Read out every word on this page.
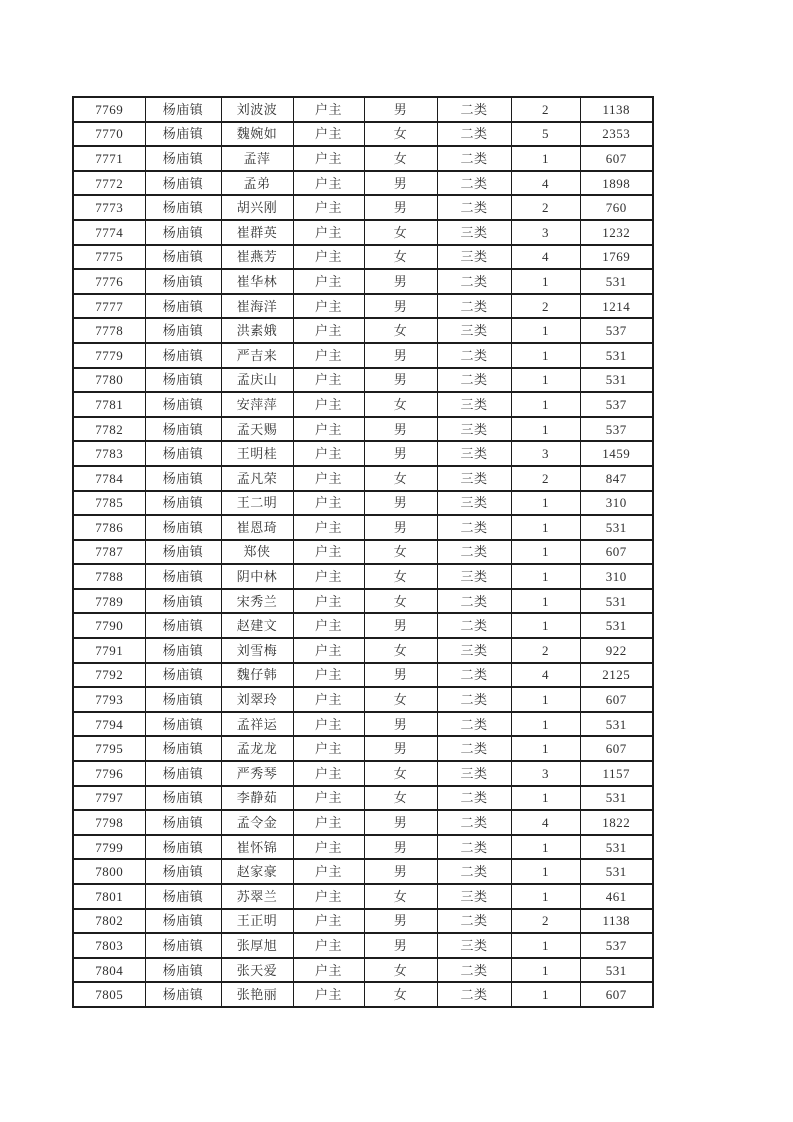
7769	杨庙镇	刘波波	户主	男	二类	2	1138
7770	杨庙镇	魏婉如	户主	女	二类	5	2353
7771	杨庙镇	孟萍	户主	女	二类	1	607
7772	杨庙镇	孟弟	户主	男	二类	4	1898
7773	杨庙镇	胡兴刚	户主	男	二类	2	760
7774	杨庙镇	崔群英	户主	女	三类	3	1232
7775	杨庙镇	崔燕芳	户主	女	三类	4	1769
7776	杨庙镇	崔华林	户主	男	二类	1	531
7777	杨庙镇	崔海洋	户主	男	二类	2	1214
7778	杨庙镇	洪素娥	户主	女	三类	1	537
7779	杨庙镇	严吉来	户主	男	二类	1	531
7780	杨庙镇	孟庆山	户主	男	二类	1	531
7781	杨庙镇	安萍萍	户主	女	三类	1	537
7782	杨庙镇	孟天赐	户主	男	三类	1	537
7783	杨庙镇	王明桂	户主	男	三类	3	1459
7784	杨庙镇	孟凡荣	户主	女	三类	2	847
7785	杨庙镇	王二明	户主	男	三类	1	310
7786	杨庙镇	崔恩琦	户主	男	二类	1	531
7787	杨庙镇	郑侠	户主	女	二类	1	607
7788	杨庙镇	阴中林	户主	女	三类	1	310
7789	杨庙镇	宋秀兰	户主	女	二类	1	531
7790	杨庙镇	赵建文	户主	男	二类	1	531
7791	杨庙镇	刘雪梅	户主	女	三类	2	922
7792	杨庙镇	魏仔韩	户主	男	二类	4	2125
7793	杨庙镇	刘翠玲	户主	女	二类	1	607
7794	杨庙镇	孟祥运	户主	男	二类	1	531
7795	杨庙镇	孟龙龙	户主	男	二类	1	607
7796	杨庙镇	严秀琴	户主	女	三类	3	1157
7797	杨庙镇	李静茹	户主	女	二类	1	531
7798	杨庙镇	孟令金	户主	男	二类	4	1822
7799	杨庙镇	崔怀锦	户主	男	二类	1	531
7800	杨庙镇	赵家豪	户主	男	二类	1	531
7801	杨庙镇	苏翠兰	户主	女	三类	1	461
7802	杨庙镇	王正明	户主	男	二类	2	1138
7803	杨庙镇	张厚旭	户主	男	三类	1	537
7804	杨庙镇	张天爱	户主	女	二类	1	531
7805	杨庙镇	张艳丽	户主	女	二类	1	607
